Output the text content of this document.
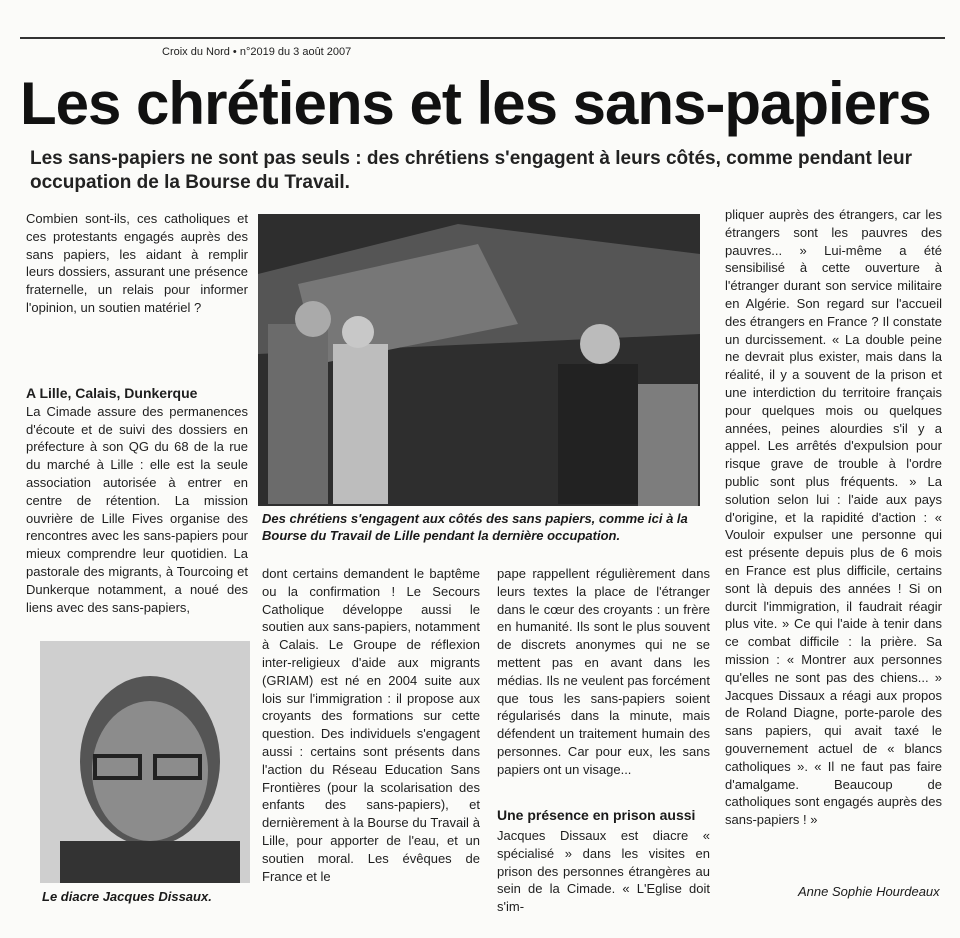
Croix du Nord • n°2019 du 3 août 2007
Les chrétiens et les sans-papiers
Les sans-papiers ne sont pas seuls : des chrétiens s'engagent à leurs côtés, comme pendant leur occupation de la Bourse du Travail.
Combien sont-ils, ces catholiques et ces protestants engagés auprès des sans papiers, les aidant à remplir leurs dossiers, assurant une présence fraternelle, un relais pour informer l'opinion, un soutien matériel ?
A Lille, Calais, Dunkerque
La Cimade assure des permanences d'écoute et de suivi des dossiers en préfecture à son QG du 68 de la rue du marché à Lille : elle est la seule association autorisée à entrer en centre de rétention. La mission ouvrière de Lille Fives organise des rencontres avec les sans-papiers pour mieux comprendre leur quotidien. La pastorale des migrants, à Tourcoing et Dunkerque notamment, a noué des liens avec des sans-papiers,
Des chrétiens s'engagent aux côtés des sans papiers, comme ici à la Bourse du Travail de Lille pendant la dernière occupation.
Le diacre Jacques Dissaux.
dont certains demandent le baptême ou la confirmation ! Le Secours Catholique développe aussi le soutien aux sans-papiers, notamment à Calais. Le Groupe de réflexion inter-religieux d'aide aux migrants (GRIAM) est né en 2004 suite aux lois sur l'immigration : il propose aux croyants des formations sur cette question. Des individuels s'engagent aussi : certains sont présents dans l'action du Réseau Education Sans Frontières (pour la scolarisation des enfants des sans-papiers), et dernièrement à la Bourse du Travail à Lille, pour apporter de l'eau, et un soutien moral. Les évêques de France et le
pape rappellent régulièrement dans leurs textes la place de l'étranger dans le cœur des croyants : un frère en humanité. Ils sont le plus souvent de discrets anonymes qui ne se mettent pas en avant dans les médias. Ils ne veulent pas forcément que tous les sans-papiers soient régularisés dans la minute, mais défendent un traitement humain des personnes. Car pour eux, les sans papiers ont un visage...
Une présence en prison aussi
Jacques Dissaux est diacre « spécialisé » dans les visites en prison des personnes étrangères au sein de la Cimade. « L'Eglise doit s'im-
pliquer auprès des étrangers, car les étrangers sont les pauvres des pauvres... » Lui-même a été sensibilisé à cette ouverture à l'étranger durant son service militaire en Algérie. Son regard sur l'accueil des étrangers en France ? Il constate un durcissement. « La double peine ne devrait plus exister, mais dans la réalité, il y a souvent de la prison et une interdiction du territoire français pour quelques mois ou quelques années, peines alourdies s'il y a appel. Les arrêtés d'expulsion pour risque grave de trouble à l'ordre public sont plus fréquents. » La solution selon lui : l'aide aux pays d'origine, et la rapidité d'action : « Vouloir expulser une personne qui est présente depuis plus de 6 mois en France est plus difficile, certains sont là depuis des années ! Si on durcit l'immigration, il faudrait réagir plus vite. » Ce qui l'aide à tenir dans ce combat difficile : la prière. Sa mission : « Montrer aux personnes qu'elles ne sont pas des chiens... » Jacques Dissaux a réagi aux propos de Roland Diagne, porte-parole des sans papiers, qui avait taxé le gouvernement actuel de « blancs catholiques ». « Il ne faut pas faire d'amalgame. Beaucoup de catholiques sont engagés auprès des sans-papiers ! »
Anne Sophie Hourdeaux
